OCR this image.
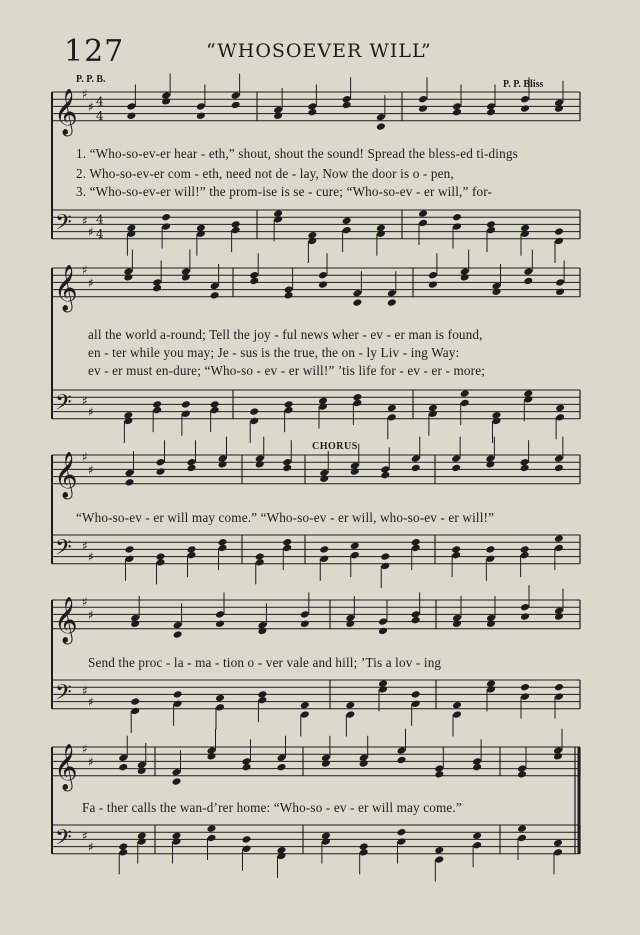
127	“WHOSOEVER WILL”
P. P. B.	P. P. Bliss
𝄞 ♯
♯ 4
4
𝄢 ♯
♯
4
4
𝄞 ♯
♯
𝄢 ♯
♯
𝄞 ♯
♯
𝄢 ♯
♯
𝄞 ♯
♯
𝄢 ♯
♯
𝄞 ♯
♯
𝄢 ♯
♯
1. “Who-so-ev-er hear - eth,” shout, shout the sound! Spread the bless-ed ti-dings
2. Who-so-ev-er com - eth, need not de - lay, Now the door is o - pen,
3. “Who-so-ev-er will!” the prom-ise is se - cure; “Who-so-ev - er will,” for-
all the world a-round; Tell the joy - ful news wher - ev - er man is found,
en - ter while you may; Je - sus is the true, the on - ly Liv - ing Way:
ev - er must en-dure; “Who-so - ev - er will!” ’tis life for - ev - er - more;
CHORUS
“Who-so-ev - er will may come.” “Who-so-ev - er will, who-so-ev - er will!”
Send the proc - la - ma - tion o - ver vale and hill; ’Tis a lov - ing
Fa - ther calls the wan-d’rer home: “Who-so - ev - er will may come.”
